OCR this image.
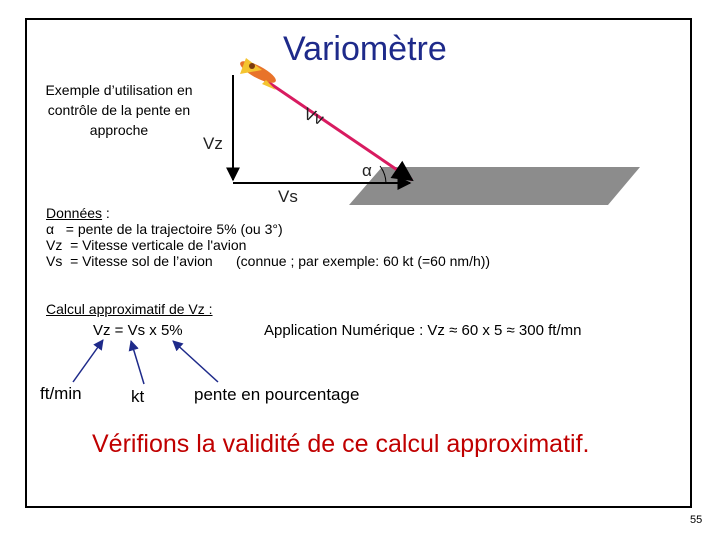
Variomètre
Exemple d’utilisation en contrôle de la pente en approche
Vv
Vz
α
Vs
Données :
α   = pente de la trajectoire 5% (ou 3°)
Vz  = Vitesse verticale de l'avion
Vs  = Vitesse sol de l’avion      (connue ; par exemple: 60 kt (=60 nm/h))
Calcul approximatif de Vz :
Vz = Vs x 5%	Application Numérique : Vz ≈ 60 x 5 ≈ 300 ft/mn
ft/min	kt	pente en pourcentage
Vérifions la validité de ce calcul approximatif.
55
